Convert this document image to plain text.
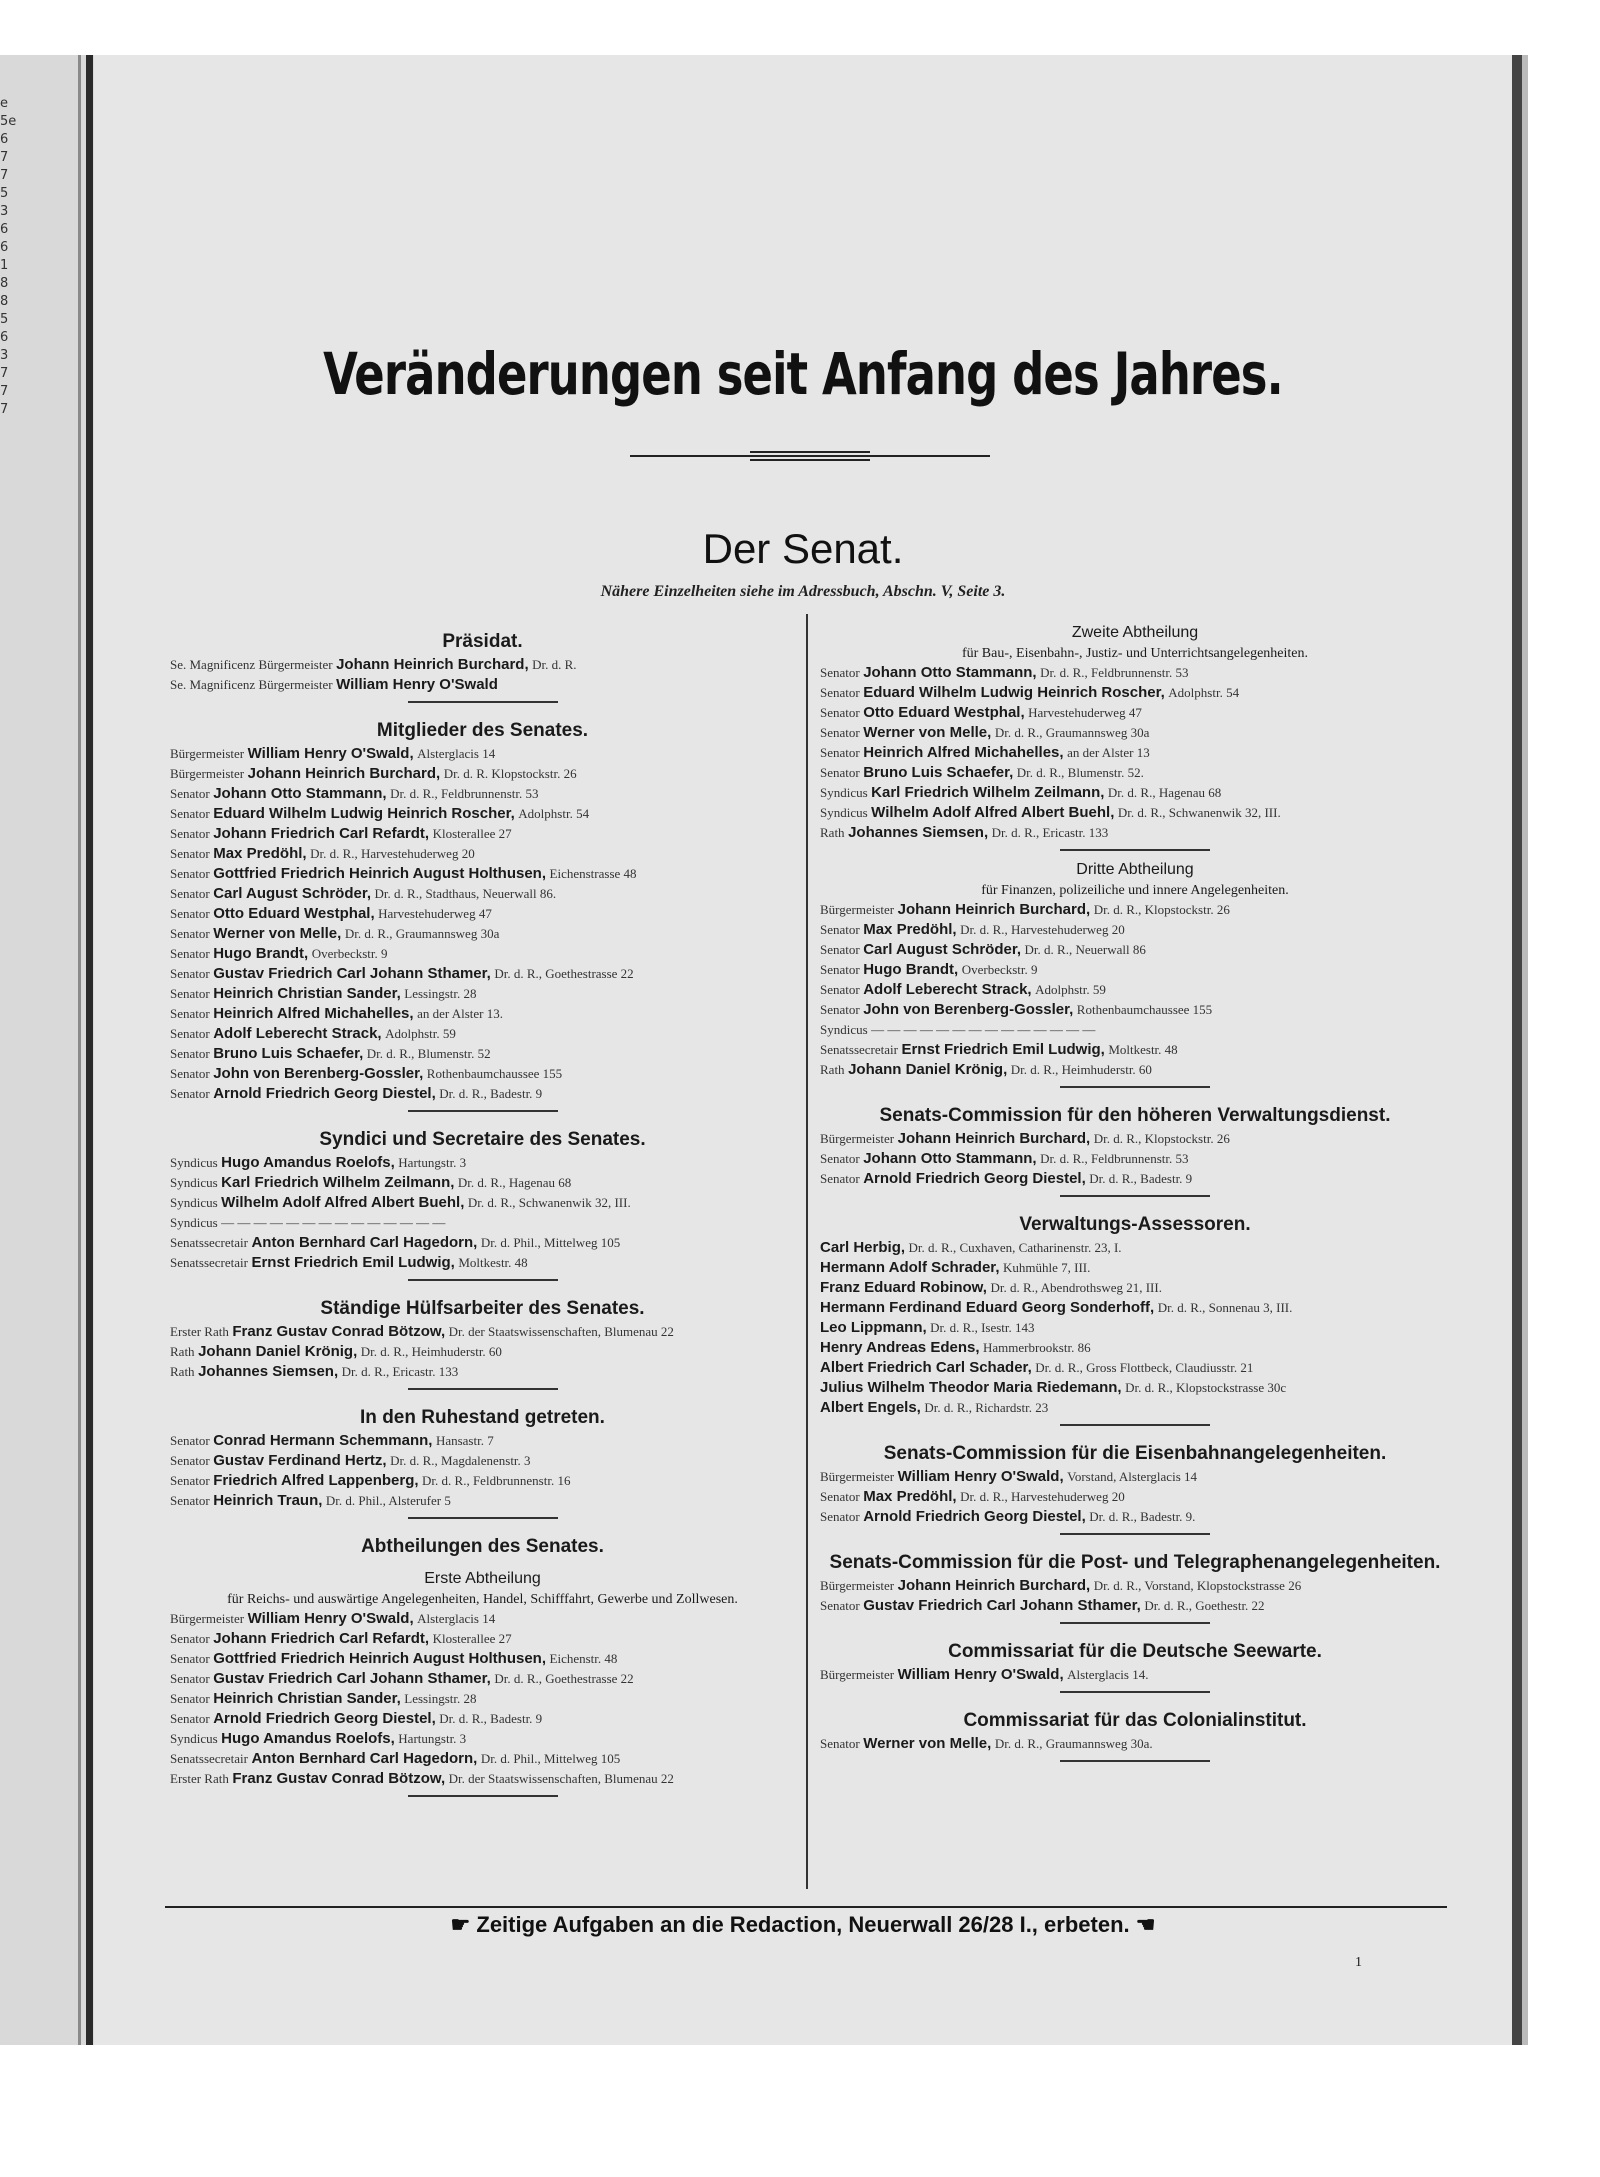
e
5e
6
7
7
5
3
6
6
1
8
8
5
6
3
7
7
7
Veränderungen seit Anfang des Jahres.
Der Senat.
Nähere Einzelheiten siehe im Adressbuch, Abschn. V, Seite 3.
Präsidat.
Se. Magnificenz Bürgermeister Johann Heinrich Burchard, Dr. d. R.
Se. Magnificenz Bürgermeister William Henry O'Swald
Mitglieder des Senates.
Bürgermeister William Henry O'Swald, Alsterglacis 14
Bürgermeister Johann Heinrich Burchard, Dr. d. R. Klopstockstr. 26
Senator Johann Otto Stammann, Dr. d. R., Feldbrunnenstr. 53
Senator Eduard Wilhelm Ludwig Heinrich Roscher, Adolphstr. 54
Senator Johann Friedrich Carl Refardt, Klosterallee 27
Senator Max Predöhl, Dr. d. R., Harvestehuderweg 20
Senator Gottfried Friedrich Heinrich August Holthusen, Eichenstrasse 48
Senator Carl August Schröder, Dr. d. R., Stadthaus, Neuerwall 86.
Senator Otto Eduard Westphal, Harvestehuderweg 47
Senator Werner von Melle, Dr. d. R., Graumannsweg 30a
Senator Hugo Brandt, Overbeckstr. 9
Senator Gustav Friedrich Carl Johann Sthamer, Dr. d. R., Goethestrasse 22
Senator Heinrich Christian Sander, Lessingstr. 28
Senator Heinrich Alfred Michahelles, an der Alster 13.
Senator Adolf Leberecht Strack, Adolphstr. 59
Senator Bruno Luis Schaefer, Dr. d. R., Blumenstr. 52
Senator John von Berenberg-Gossler, Rothenbaumchaussee 155
Senator Arnold Friedrich Georg Diestel, Dr. d. R., Badestr. 9
Syndici und Secretaire des Senates.
Syndicus Hugo Amandus Roelofs, Hartungstr. 3
Syndicus Karl Friedrich Wilhelm Zeilmann, Dr. d. R., Hagenau 68
Syndicus Wilhelm Adolf Alfred Albert Buehl, Dr. d. R., Schwanenwik 32, III.
Syndicus — — — — — — — — — — — — — —
Senatssecretair Anton Bernhard Carl Hagedorn, Dr. d. Phil., Mittelweg 105
Senatssecretair Ernst Friedrich Emil Ludwig, Moltkestr. 48
Ständige Hülfsarbeiter des Senates.
Erster Rath Franz Gustav Conrad Bötzow, Dr. der Staatswissenschaften, Blumenau 22
Rath Johann Daniel Krönig, Dr. d. R., Heimhuderstr. 60
Rath Johannes Siemsen, Dr. d. R., Ericastr. 133
In den Ruhestand getreten.
Senator Conrad Hermann Schemmann, Hansastr. 7
Senator Gustav Ferdinand Hertz, Dr. d. R., Magdalenenstr. 3
Senator Friedrich Alfred Lappenberg, Dr. d. R., Feldbrunnenstr. 16
Senator Heinrich Traun, Dr. d. Phil., Alsterufer 5
Abtheilungen des Senates.
Erste Abtheilung
für Reichs- und auswärtige Angelegenheiten, Handel, Schifffahrt, Gewerbe und Zollwesen.
Bürgermeister William Henry O'Swald, Alsterglacis 14
Senator Johann Friedrich Carl Refardt, Klosterallee 27
Senator Gottfried Friedrich Heinrich August Holthusen, Eichenstr. 48
Senator Gustav Friedrich Carl Johann Sthamer, Dr. d. R., Goethestrasse 22
Senator Heinrich Christian Sander, Lessingstr. 28
Senator Arnold Friedrich Georg Diestel, Dr. d. R., Badestr. 9
Syndicus Hugo Amandus Roelofs, Hartungstr. 3
Senatssecretair Anton Bernhard Carl Hagedorn, Dr. d. Phil., Mittelweg 105
Erster Rath Franz Gustav Conrad Bötzow, Dr. der Staatswissenschaften, Blumenau 22
Zweite Abtheilung
für Bau-, Eisenbahn-, Justiz- und Unterrichtsangelegenheiten.
Senator Johann Otto Stammann, Dr. d. R., Feldbrunnenstr. 53
Senator Eduard Wilhelm Ludwig Heinrich Roscher, Adolphstr. 54
Senator Otto Eduard Westphal, Harvestehuderweg 47
Senator Werner von Melle, Dr. d. R., Graumannsweg 30a
Senator Heinrich Alfred Michahelles, an der Alster 13
Senator Bruno Luis Schaefer, Dr. d. R., Blumenstr. 52.
Syndicus Karl Friedrich Wilhelm Zeilmann, Dr. d. R., Hagenau 68
Syndicus Wilhelm Adolf Alfred Albert Buehl, Dr. d. R., Schwanenwik 32, III.
Rath Johannes Siemsen, Dr. d. R., Ericastr. 133
Dritte Abtheilung
für Finanzen, polizeiliche und innere Angelegenheiten.
Bürgermeister Johann Heinrich Burchard, Dr. d. R., Klopstockstr. 26
Senator Max Predöhl, Dr. d. R., Harvestehuderweg 20
Senator Carl August Schröder, Dr. d. R., Neuerwall 86
Senator Hugo Brandt, Overbeckstr. 9
Senator Adolf Leberecht Strack, Adolphstr. 59
Senator John von Berenberg-Gossler, Rothenbaumchaussee 155
Syndicus — — — — — — — — — — — — — —
Senatssecretair Ernst Friedrich Emil Ludwig, Moltkestr. 48
Rath Johann Daniel Krönig, Dr. d. R., Heimhuderstr. 60
Senats-Commission für den höheren Verwaltungsdienst.
Bürgermeister Johann Heinrich Burchard, Dr. d. R., Klopstockstr. 26
Senator Johann Otto Stammann, Dr. d. R., Feldbrunnenstr. 53
Senator Arnold Friedrich Georg Diestel, Dr. d. R., Badestr. 9
Verwaltungs-Assessoren.
Carl Herbig, Dr. d. R., Cuxhaven, Catharinenstr. 23, I.
Hermann Adolf Schrader, Kuhmühle 7, III.
Franz Eduard Robinow, Dr. d. R., Abendrothsweg 21, III.
Hermann Ferdinand Eduard Georg Sonderhoff, Dr. d. R., Sonnenau 3, III.
Leo Lippmann, Dr. d. R., Isestr. 143
Henry Andreas Edens, Hammerbrookstr. 86
Albert Friedrich Carl Schader, Dr. d. R., Gross Flottbeck, Claudiusstr. 21
Julius Wilhelm Theodor Maria Riedemann, Dr. d. R., Klopstockstrasse 30c
Albert Engels, Dr. d. R., Richardstr. 23
Senats-Commission für die Eisenbahnangelegenheiten.
Bürgermeister William Henry O'Swald, Vorstand, Alsterglacis 14
Senator Max Predöhl, Dr. d. R., Harvestehuderweg 20
Senator Arnold Friedrich Georg Diestel, Dr. d. R., Badestr. 9.
Senats-Commission für die Post- und Telegraphenangelegenheiten.
Bürgermeister Johann Heinrich Burchard, Dr. d. R., Vorstand, Klopstockstrasse 26
Senator Gustav Friedrich Carl Johann Sthamer, Dr. d. R., Goethestr. 22
Commissariat für die Deutsche Seewarte.
Bürgermeister William Henry O'Swald, Alsterglacis 14.
Commissariat für das Colonialinstitut.
Senator Werner von Melle, Dr. d. R., Graumannsweg 30a.
☛ Zeitige Aufgaben an die Redaction, Neuerwall 26/28 I., erbeten. ☚
1
